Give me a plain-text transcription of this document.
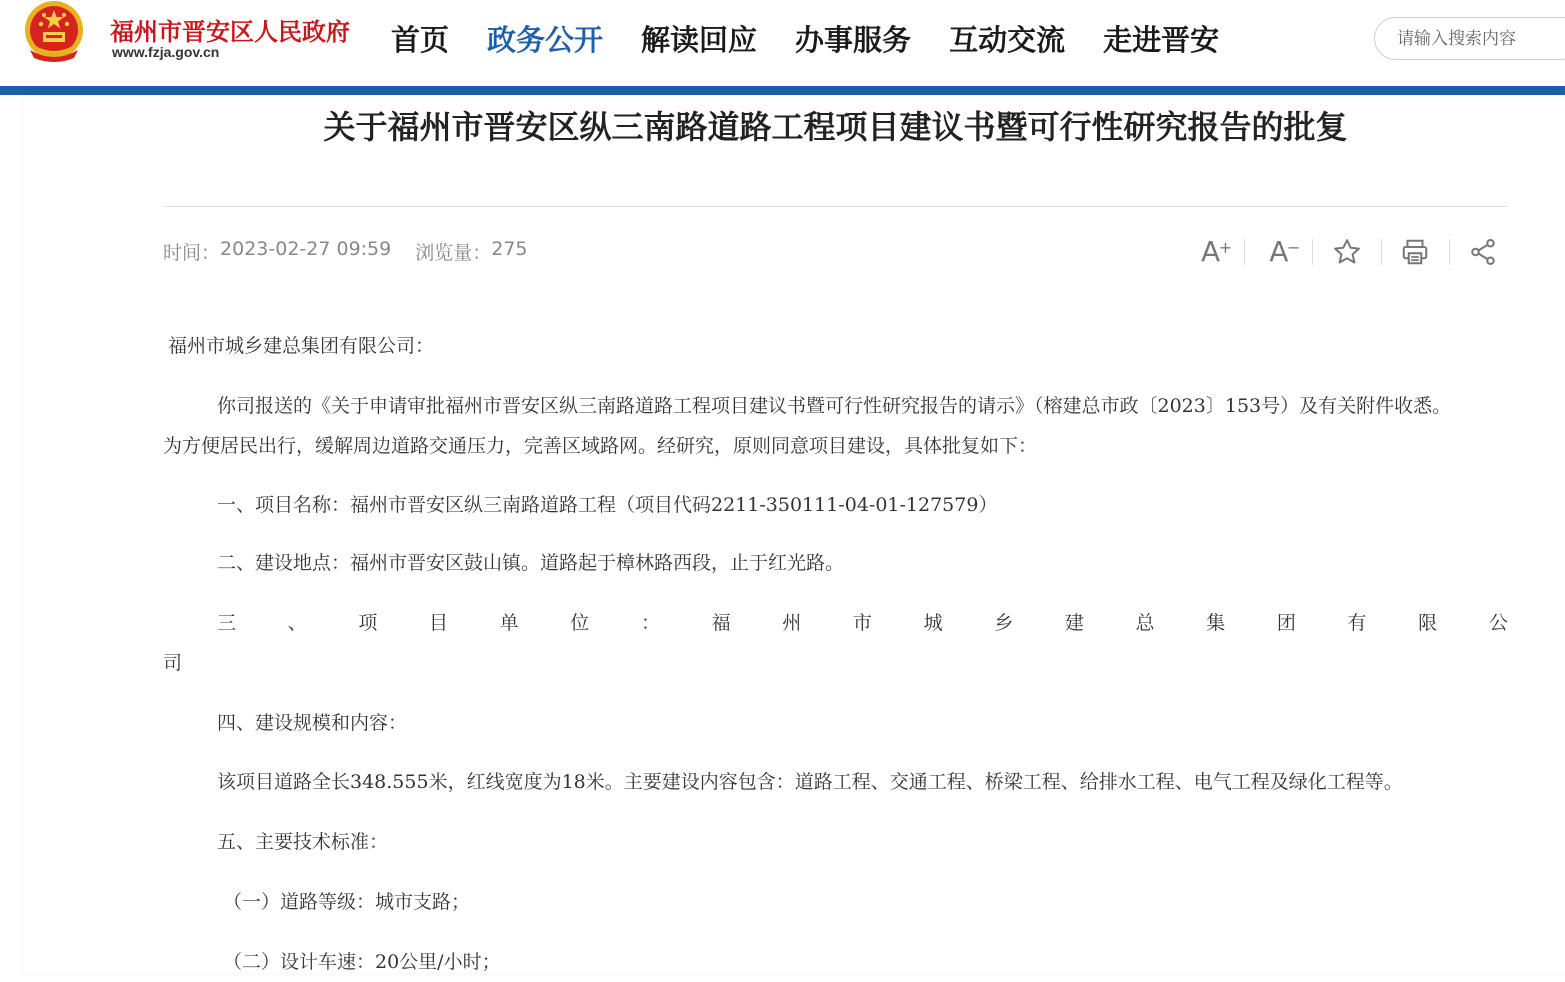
福州市晋安区人民政府
www.fzja.gov.cn	首页 政务公开 解读回应 办事服务 互动交流 走进晋安
请输入搜索内容
关于福州市晋安区纵三南路道路工程项目建议书暨可行性研究报告的批复
时间： 2023-02-27 09:59 浏览量： 275	A
+ A
−
福州市城乡建总集团有限公司：
你司报送的《关于申请审批福州市晋安区纵三南路道路工程项目建议书暨可行性研究报告的请示》（榕建总市政〔2023〕153号）及有关附件收悉。
为方便居民出行，缓解周边道路交通压力，完善区域路网。经研究，原则同意项目建设，具体批复如下：
一、项目名称：福州市晋安区纵三南路道路工程（项目代码2211-350111-04-01-127579）
二、建设地点：福州市晋安区鼓山镇。道路起于樟林路西段，止于红光路。
三	、	项	目	单	位	：	福	州	市	城	乡	建	总	集	团	有	限	公
司
四、建设规模和内容：
该项目道路全长348.555米，红线宽度为18米。主要建设内容包含：道路工程、交通工程、桥梁工程、给排水工程、电气工程及绿化工程等。
五、主要技术标准：
（一）道路等级：城市支路；
（二）设计车速：20公里/小时；
